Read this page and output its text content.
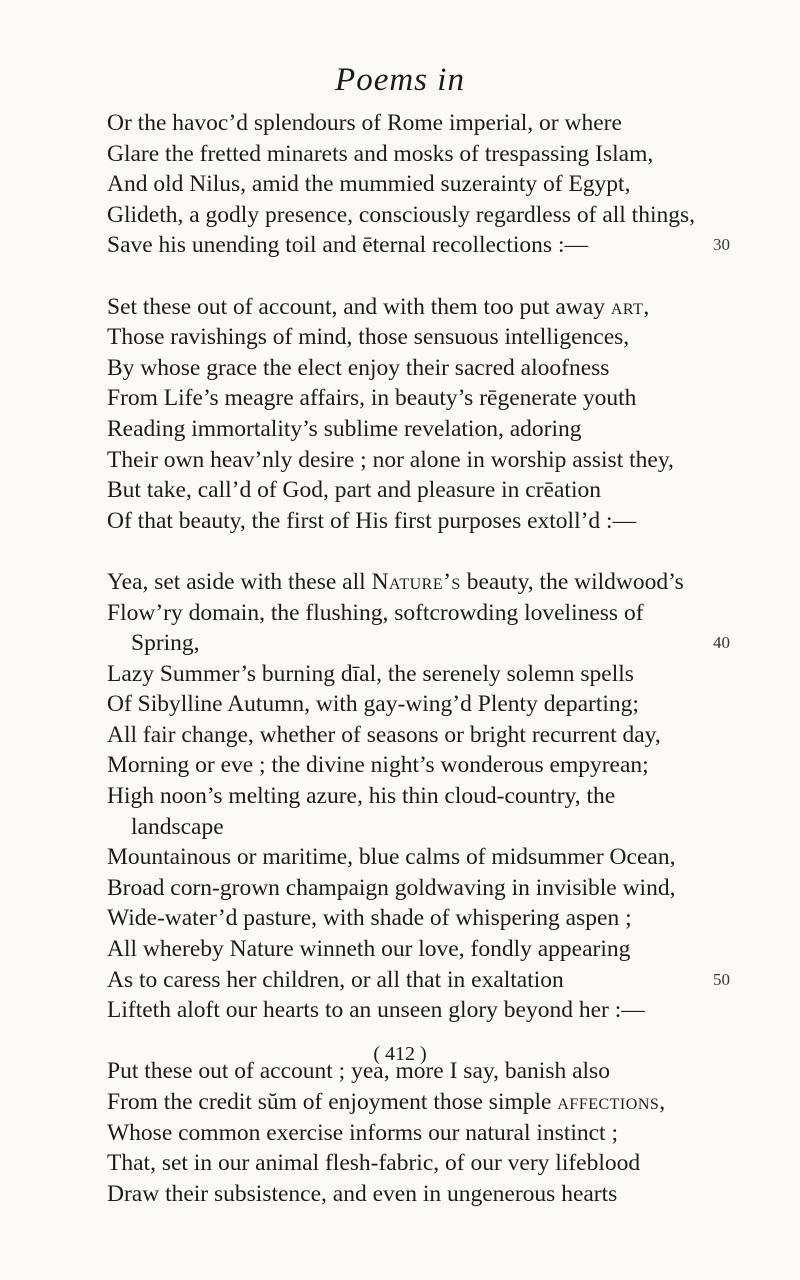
Poems in
Or the havoc’d splendours of Rome imperial, or where
Glare the fretted minarets and mosks of trespassing Islam,
And old Nilus, amid the mummied suzerainty of Egypt,
Glideth, a godly presence, consciously regardless of all things,
Save his unending toil and ēternal recollections :—	30
Set these out of account, and with them too put away art,
Those ravishings of mind, those sensuous intelligences,
By whose grace the elect enjoy their sacred aloofness
From Life’s meagre affairs, in beauty’s rēgenerate youth
Reading immortality’s sublime revelation, adoring
Their own heav’nly desire ; nor alone in worship assist they,
But take, call’d of God, part and pleasure in crēation
Of that beauty, the first of His first purposes extoll’d :—
Yea, set aside with these all Nature’s beauty, the wildwood’s
Flow’ry domain, the flushing, softcrowding loveliness of
Spring,	40
Lazy Summer’s burning dīal, the serenely solemn spells
Of Sibylline Autumn, with gay-wing’d Plenty departing;
All fair change, whether of seasons or bright recurrent day,
Morning or eve ; the divine night’s wonderous empyrean;
High noon’s melting azure, his thin cloud-country, the
landscape
Mountainous or maritime, blue calms of midsummer Ocean,
Broad corn-grown champaign goldwaving in invisible wind,
Wide-water’d pasture, with shade of whispering aspen ;
All whereby Nature winneth our love, fondly appearing
As to caress her children, or all that in exaltation	50
Lifteth aloft our hearts to an unseen glory beyond her :—
Put these out of account ; yea, more I say, banish also
From the credit sŭm of enjoyment those simple affections,
Whose common exercise informs our natural instinct ;
That, set in our animal flesh-fabric, of our very lifeblood
Draw their subsistence, and even in ungenerous hearts
( 412 )
